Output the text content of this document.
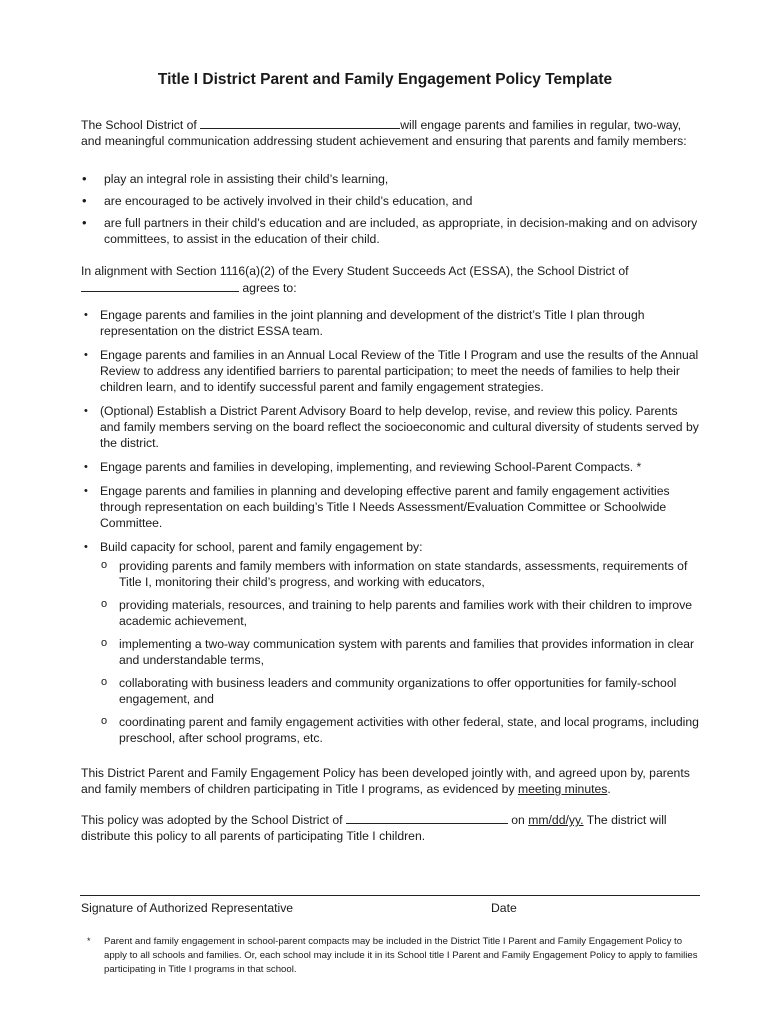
Title I District Parent and Family Engagement Policy Template
The School District of	will engage parents and families in regular, two-way, and meaningful communication addressing student achievement and ensuring that parents and family members:
• play an integral role in assisting their child’s learning,
• are encouraged to be actively involved in their child’s education, and
• are full partners in their child’s education and are included, as appropriate, in decision-making and on advisory committees, to assist in the education of their child.
In alignment with Section 1116(a)(2) of the Every Student Succeeds Act (ESSA), the School District of
agrees to:
• Engage parents and families in the joint planning and development of the district’s Title I plan through representation on the district ESSA team.
• Engage parents and families in an Annual Local Review of the Title I Program and use the results of the Annual Review to address any identified barriers to parental participation; to meet the needs of families to help their children learn, and to identify successful parent and family engagement strategies.
• (Optional) Establish a District Parent Advisory Board to help develop, revise, and review this policy. Parents and family members serving on the board reflect the socioeconomic and cultural diversity of students served by the district.
• Engage parents and families in developing, implementing, and reviewing School-Parent Compacts. *
• Engage parents and families in planning and developing effective parent and family engagement activities through representation on each building’s Title I Needs Assessment/Evaluation Committee or Schoolwide Committee.
• Build capacity for school, parent and family engagement by:
o providing parents and family members with information on state standards, assessments, requirements of Title I, monitoring their child’s progress, and working with educators,
o providing materials, resources, and training to help parents and families work with their children to improve academic achievement,
o implementing a two-way communication system with parents and families that provides information in clear and understandable terms,
o collaborating with business leaders and community organizations to offer opportunities for family-school engagement, and
o coordinating parent and family engagement activities with other federal, state, and local programs, including preschool, after school programs, etc.
This District Parent and Family Engagement Policy has been developed jointly with, and agreed upon by, parents and family members of children participating in Title I programs, as evidenced by meeting minutes.
This policy was adopted by the School District of	on mm/dd/yy. The district will distribute this policy to all parents of participating Title I children.
Signature of Authorized Representative	Date
* Parent and family engagement in school-parent compacts may be included in the District Title I Parent and Family Engagement Policy to apply to all schools and families. Or, each school may include it in its School title I Parent and Family Engagement Policy to apply to families participating in Title I programs in that school.
